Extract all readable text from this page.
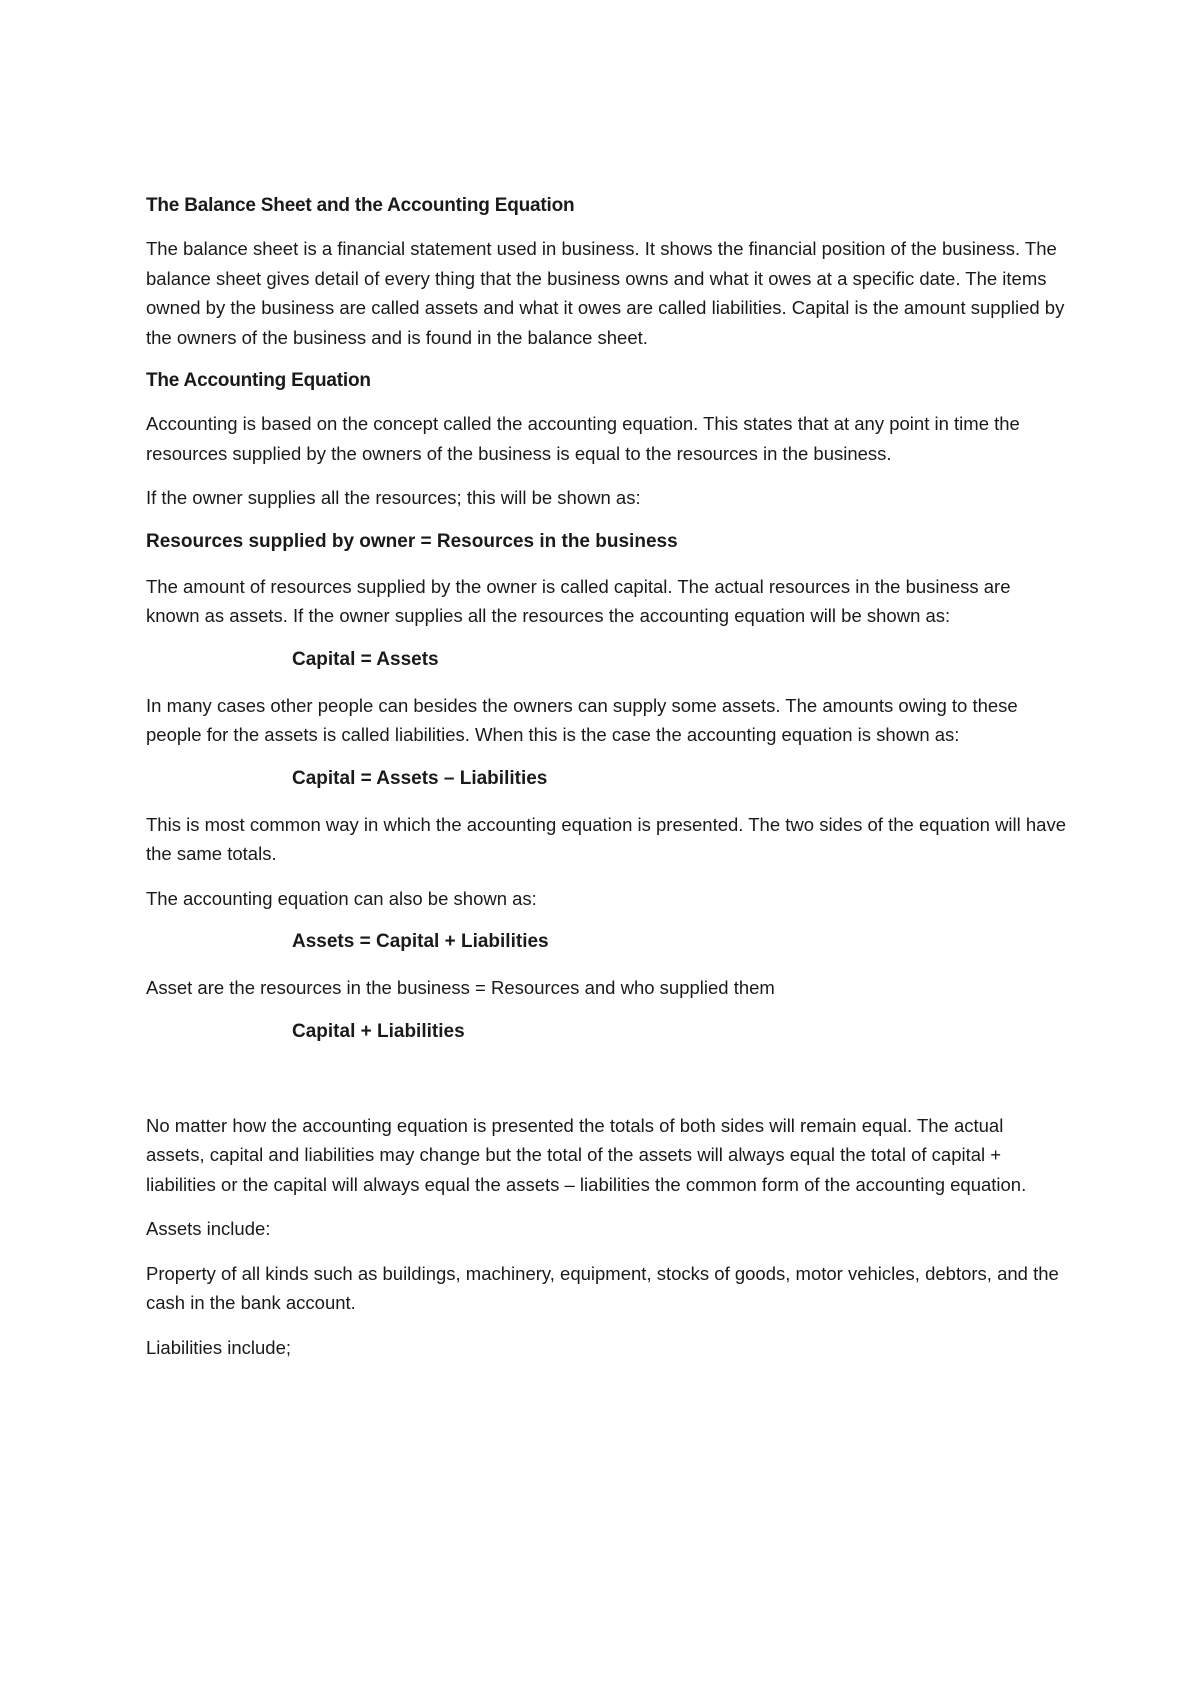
The Balance Sheet and the Accounting Equation

The balance sheet is a financial statement used in business. It shows the financial position of the business. The balance sheet gives detail of every thing that the business owns and what it owes at a specific date. The items owned by the business are called assets and what it owes are called liabilities. Capital is the amount supplied by the owners of the business and is found in the balance sheet.

The Accounting Equation

Accounting is based on the concept called the accounting equation. This states that at any point in time the resources supplied by the owners of the business is equal to the resources in the business.

If the owner supplies all the resources; this will be shown as:

Resources supplied by owner = Resources in the business

The amount of resources supplied by the owner is called capital. The actual resources in the business are known as assets. If the owner supplies all the resources the accounting equation will be shown as:

Capital = Assets

In many cases other people can besides the owners can supply some assets. The amounts owing to these people for the assets is called liabilities. When this is the case the accounting equation is shown as:

Capital = Assets – Liabilities

This is most common way in which the accounting equation is presented. The two sides of the equation will have the same totals.

The accounting equation can also be shown as:

Assets = Capital + Liabilities

Asset are the resources in the business = Resources and who supplied them

Capital + Liabilities

No matter how the accounting equation is presented the totals of both sides will remain equal. The actual assets, capital and liabilities may change but the total of the assets will always equal the total of capital + liabilities or the capital will always equal the assets – liabilities the common form of the accounting equation.

Assets include:

Property of all kinds such as buildings, machinery, equipment, stocks of goods, motor vehicles, debtors, and the cash in the bank account.

Liabilities include;
